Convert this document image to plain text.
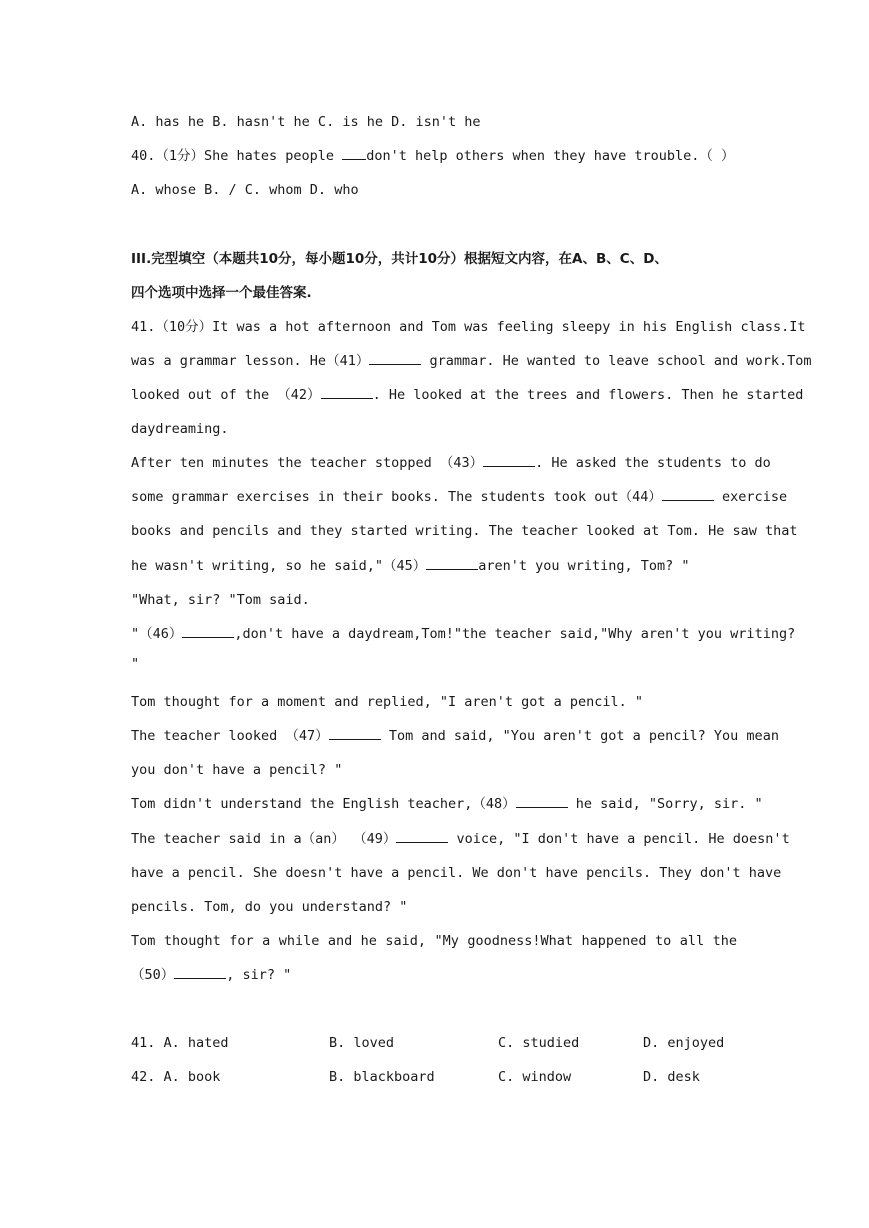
A. has he B. hasn't he C. is he D. isn't he
40.（1分）She hates people don't help others when they have trouble.（ ）
A. whose B. / C. whom D. who
III.完型填空（本题共10分，每小题10分，共计10分）根据短文内容，在A、B、C、D、
四个选项中选择一个最佳答案.
41.（10分）It was a hot afternoon and Tom was feeling sleepy in his English class.It
was a grammar lesson. He（41）	grammar. He wanted to leave school and work.Tom
looked out of the （42）	. He looked at the trees and flowers. Then he started
daydreaming.
After ten minutes the teacher stopped （43）	. He asked the students to do
some grammar exercises in their books. The students took out（44）	exercise
books and pencils and they started writing. The teacher looked at Tom. He saw that
he wasn't writing, so he said,"（45）	aren't you writing, Tom? "
"What, sir? "Tom said.
"（46）	,don't have a daydream,Tom!"the teacher said,"Why aren't you writing?
"
Tom thought for a moment and replied, "I aren't got a pencil. "
The teacher looked （47）	Tom and said, "You aren't got a pencil? You mean
you don't have a pencil? "
Tom didn't understand the English teacher,（48）	he said, "Sorry, sir. "
The teacher said in a（an） （49）	voice, "I don't have a pencil. He doesn't
have a pencil. She doesn't have a pencil. We don't have pencils. They don't have
pencils. Tom, do you understand? "
Tom thought for a while and he said, "My goodness!What happened to all the
（50）	, sir? "
41. A. hated	B. loved	C. studied	D. enjoyed
42. A. book	B. blackboard	C. window	D. desk
